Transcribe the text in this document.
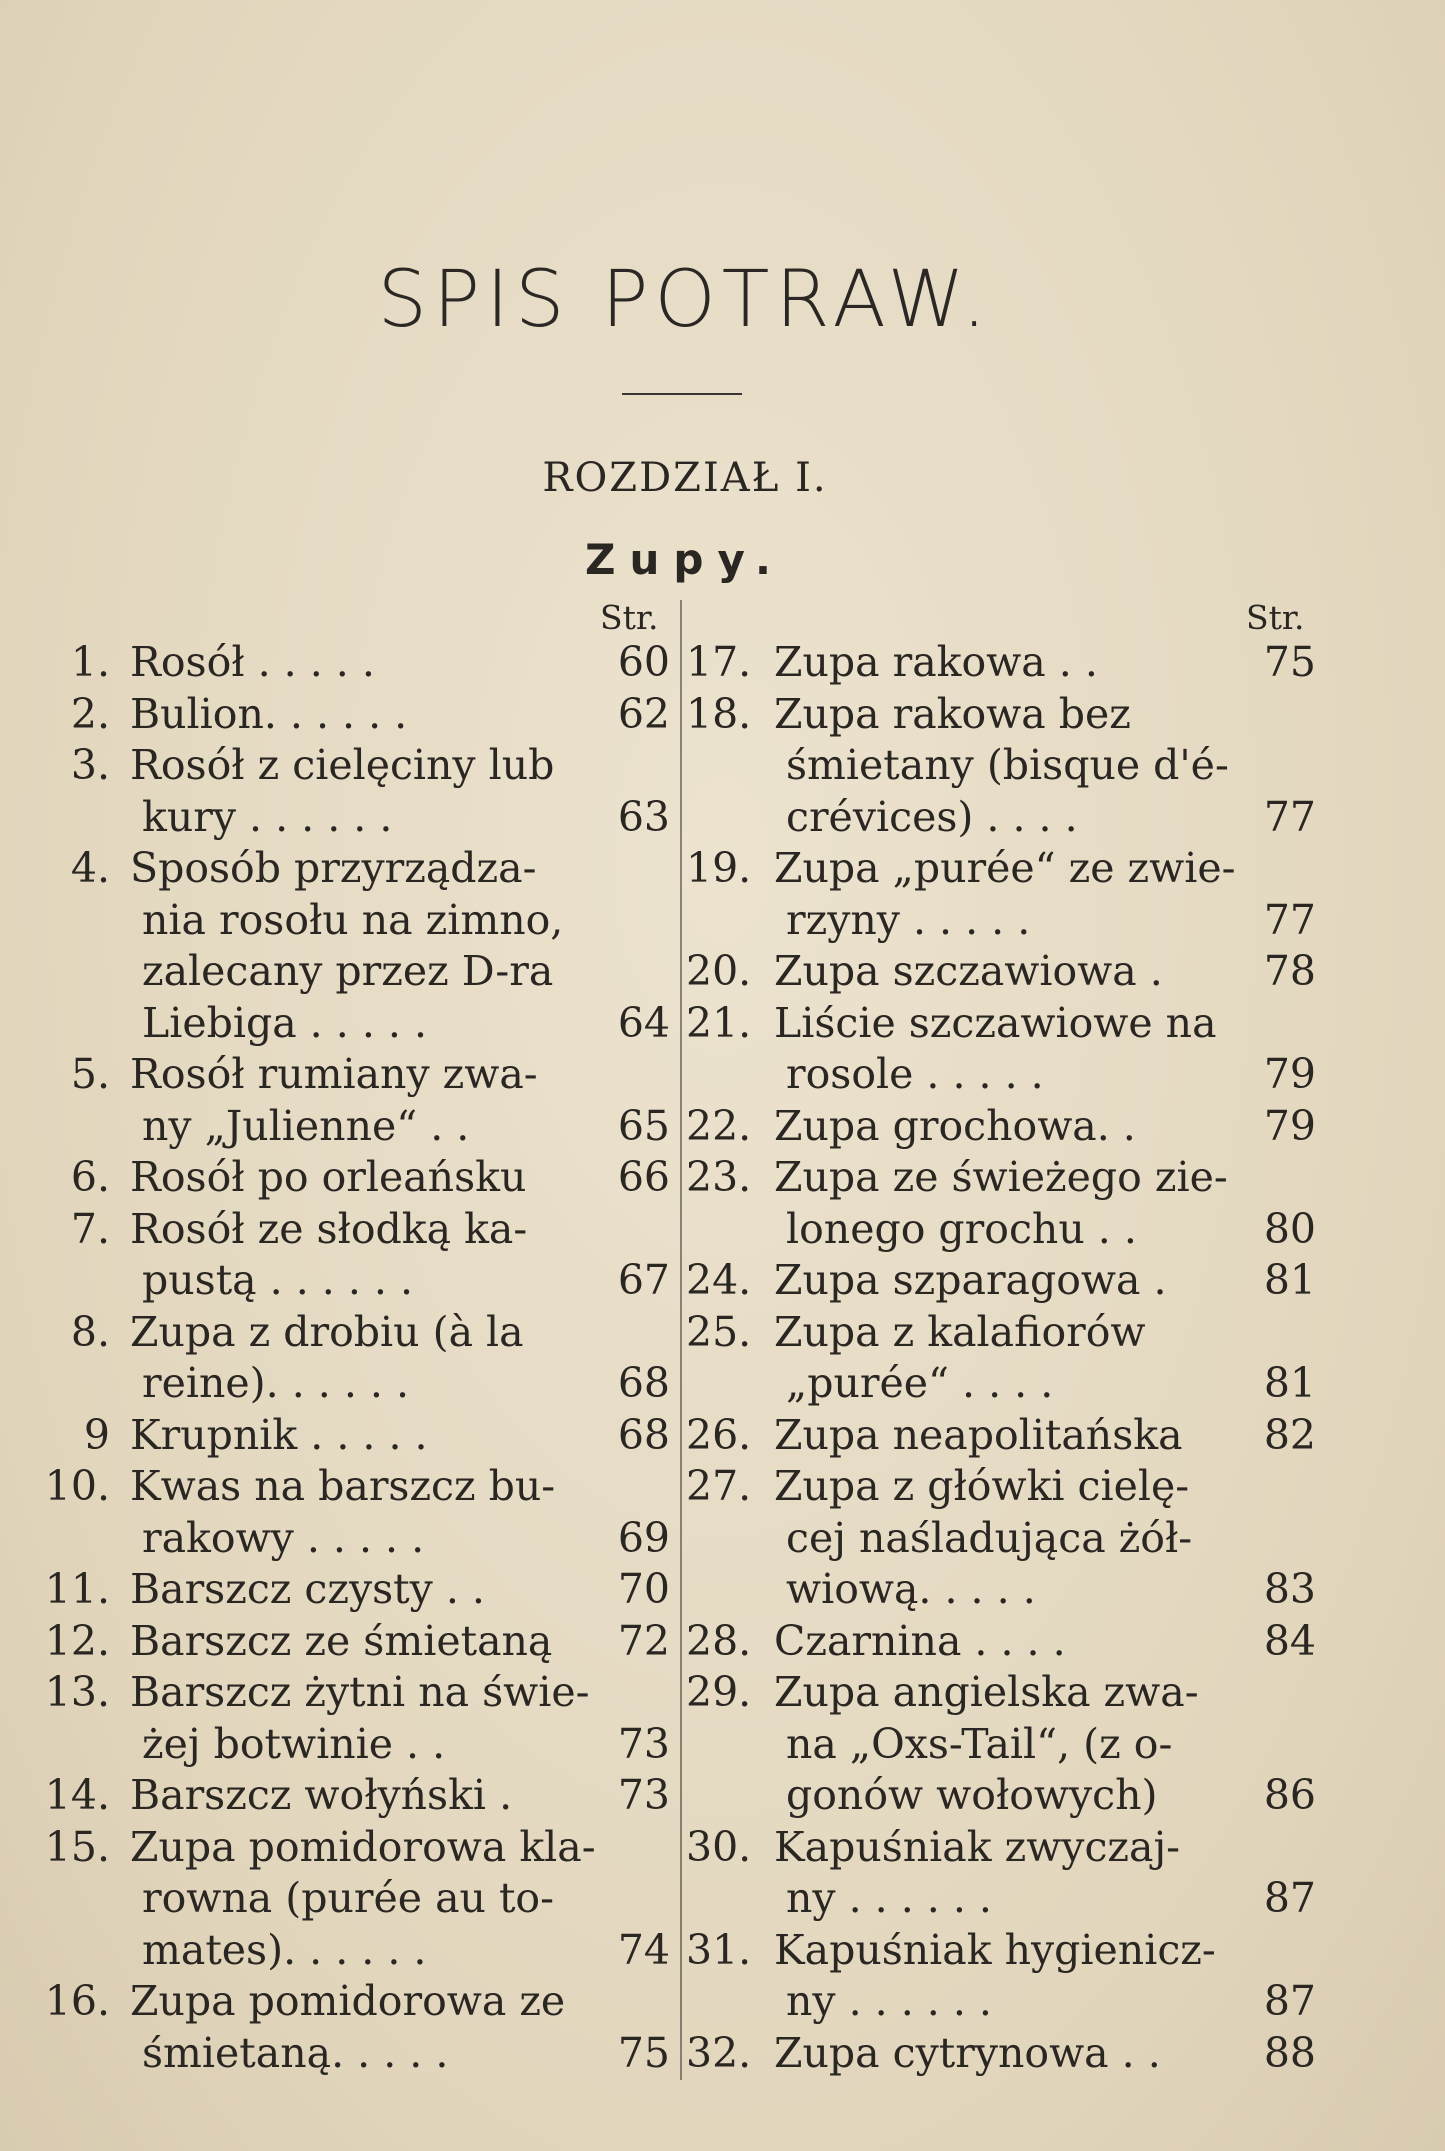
SPIS POTRAW.
ROZDZIAŁ I.
Zupy.
Str.	Str.
1. Rosół . . . . .	60
2. Bulion. . . . . .	62
3. Rosół z cielęciny lub
kury . . . . . .	63
4. Sposób przyrządza-
nia rosołu na zimno,
zalecany przez D-ra
Liebiga . . . . .	64
5. Rosół rumiany zwa-
ny „Julienne“ . .	65
6. Rosół po orleańsku 66
7. Rosół ze słodką ka-
pustą . . . . . .	67
8. Zupa z drobiu (à la
reine). . . . . .	68
9 Krupnik . . . . .	68
10. Kwas na barszcz bu-
rakowy . . . . .	69
11. Barszcz czysty . .	70
12. Barszcz ze śmietaną 72
13. Barszcz żytni na świe-
żej botwinie . .	73
14. Barszcz wołyński .	73
15. Zupa pomidorowa kla-
rowna (purée au to-
mates). . . . . .	74
16. Zupa pomidorowa ze
śmietaną. . . . .	75
17. Zupa rakowa . .	75
18. Zupa rakowa bez
śmietany (bisque d'é-
crévices) . . . .	77
19. Zupa „purée“ ze zwie-
rzyny . . . . .	77
20. Zupa szczawiowa . 78
21. Liście szczawiowe na
rosole . . . . .	79
22. Zupa grochowa. .	79
23. Zupa ze świeżego zie-
lonego grochu . .	80
24. Zupa szparagowa . 81
25. Zupa z kalafiorów
„purée“ . . . .	81
26. Zupa neapolitańska 82
27. Zupa z główki cielę-
cej naśladująca żół-
wiową. . . . .	83
28. Czarnina . . . .	84
29. Zupa angielska zwa-
na „Oxs-Tail“, (z o-
gonów wołowych)	86
30. Kapuśniak zwyczaj-
ny . . . . . .	87
31. Kapuśniak hygienicz-
ny . . . . . .	87
32. Zupa cytrynowa . .	88
